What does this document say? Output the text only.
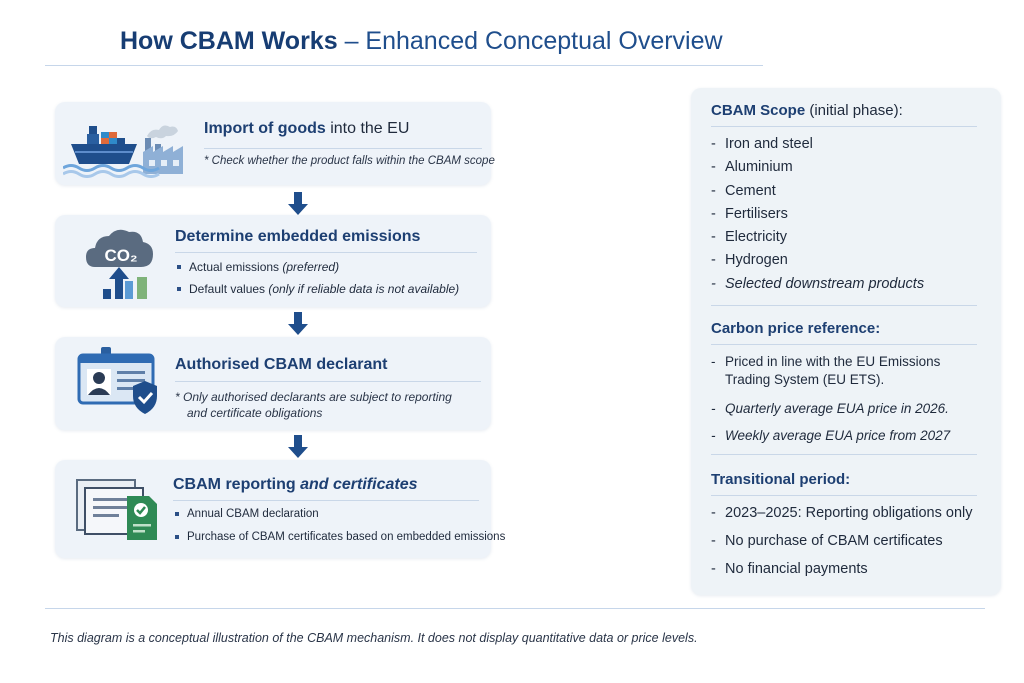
How CBAM Works – Enhanced Conceptual Overview
Import of goods into the EU
* Check whether the product falls within the CBAM scope
CO₂
Determine embedded emissions
Actual emissions (preferred)
Default values (only if reliable data is not available)
Authorised CBAM declarant
* Only authorised declarants are subject to reporting
and certificate obligations
CBAM reporting and certificates
Annual CBAM declaration
Purchase of CBAM certificates based on embedded emissions
CBAM Scope (initial phase):
- Iron and steel
- Aluminium
- Cement
- Fertilisers
- Electricity
- Hydrogen
- Selected downstream products
Carbon price reference:
- Priced in line with the EU Emissions
Trading System (EU ETS).
- Quarterly average EUA price in 2026.
- Weekly average EUA price from 2027
Transitional period:
- 2023–2025: Reporting obligations only
- No purchase of CBAM certificates
- No financial payments
This diagram is a conceptual illustration of the CBAM mechanism. It does not display quantitative data or price levels.
